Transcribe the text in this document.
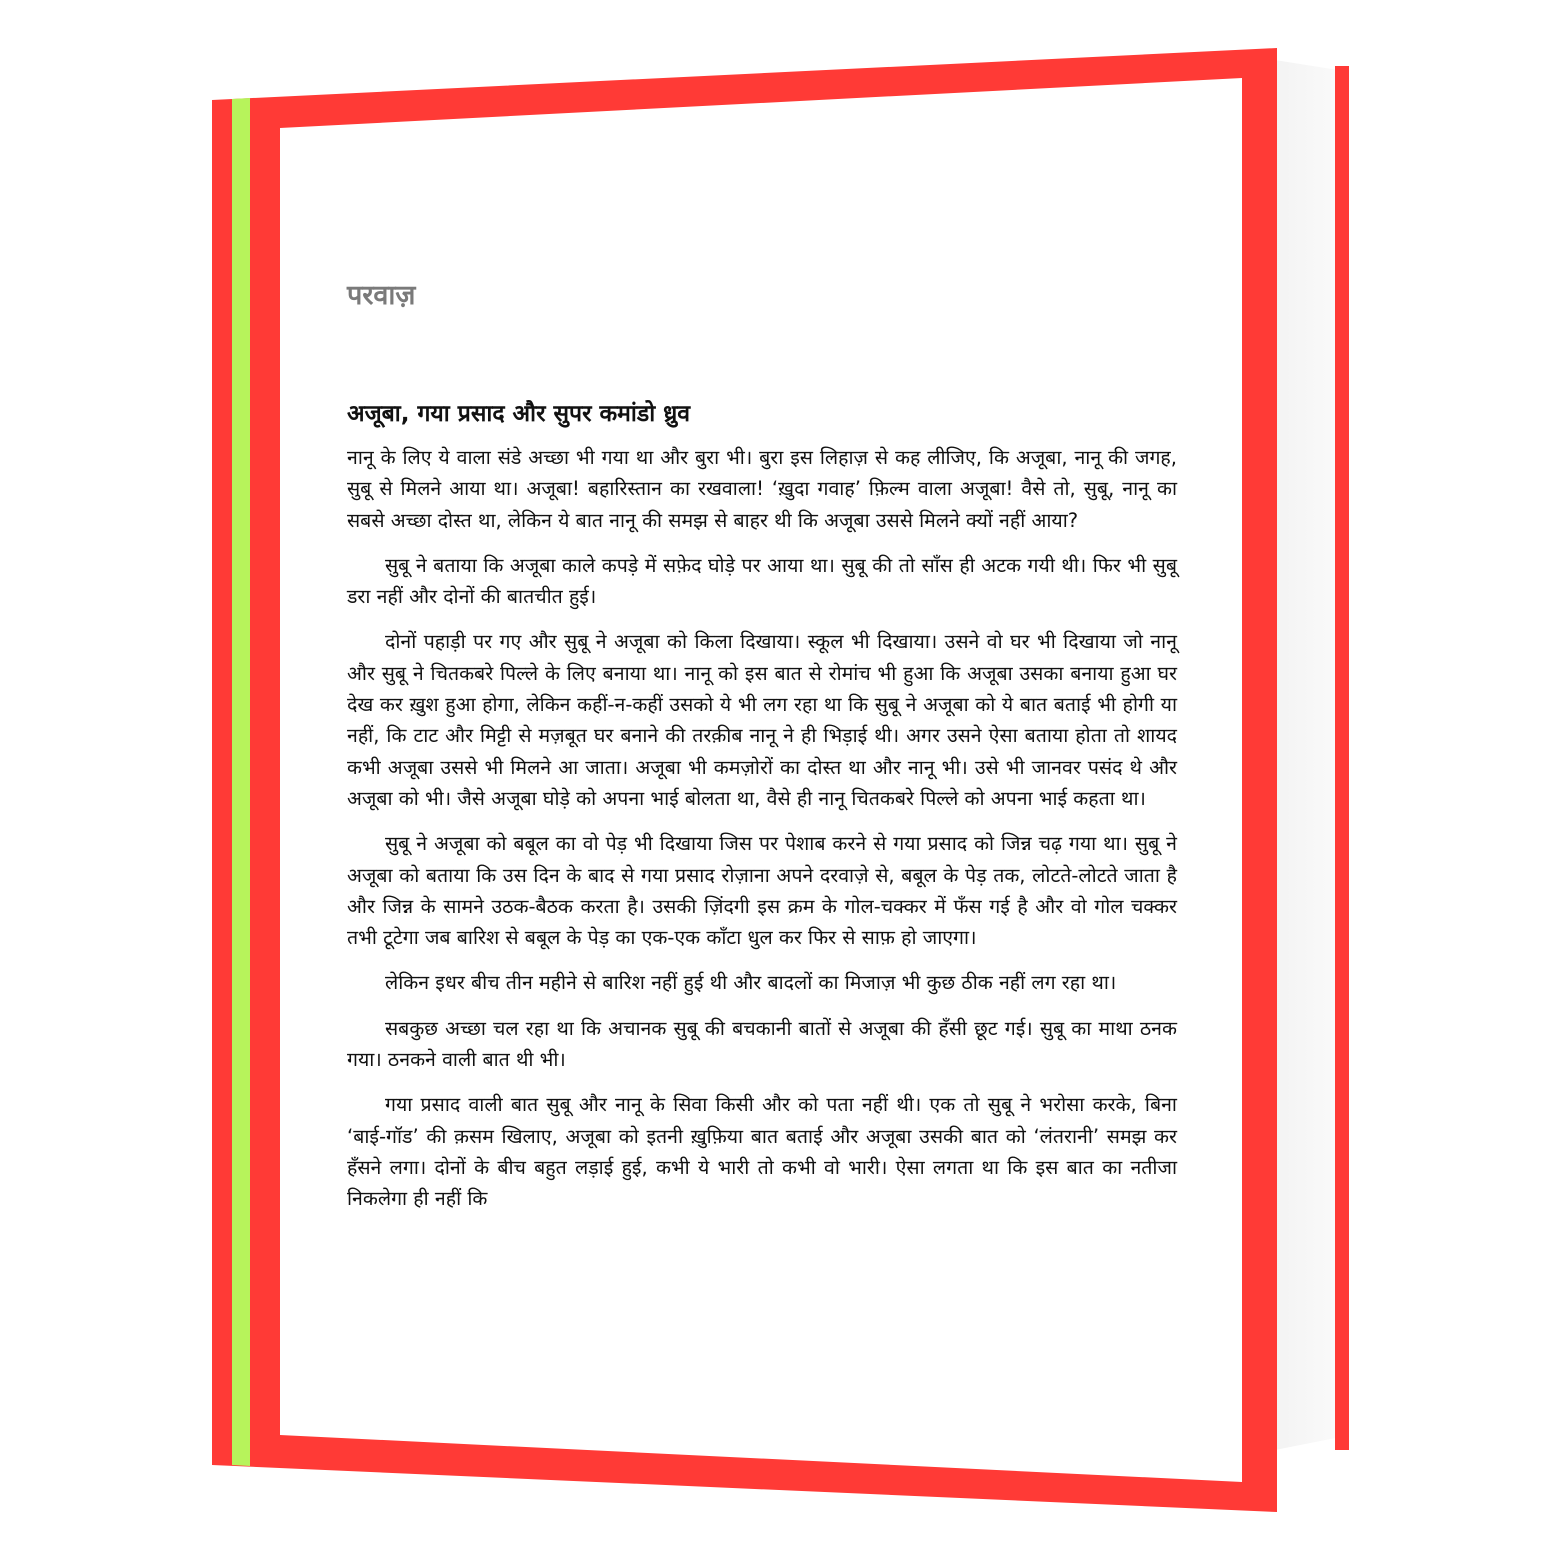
परवाज़
अजूबा, गया प्रसाद और सुपर कमांडो ध्रुव

नानू के लिए ये वाला संडे अच्छा भी गया था और बुरा भी। बुरा इस लिहाज़ से कह लीजिए, कि अजूबा, नानू की जगह, सुबू से मिलने आया था। अजूबा! बहारिस्तान का रखवाला! ‘ख़ुदा गवाह’ फ़िल्म वाला अजूबा! वैसे तो, सुबू, नानू का सबसे अच्छा दोस्त था, लेकिन ये बात नानू की समझ से बाहर थी कि अजूबा उससे मिलने क्यों नहीं आया?

सुबू ने बताया कि अजूबा काले कपड़े में सफ़ेद घोड़े पर आया था। सुबू की तो साँस ही अटक गयी थी। फिर भी सुबू डरा नहीं और दोनों की बातचीत हुई।

दोनों पहाड़ी पर गए और सुबू ने अजूबा को किला दिखाया। स्कूल भी दिखाया। उसने वो घर भी दिखाया जो नानू और सुबू ने चितकबरे पिल्ले के लिए बनाया था। नानू को इस बात से रोमांच भी हुआ कि अजूबा उसका बनाया हुआ घर देख कर ख़ुश हुआ होगा, लेकिन कहीं-न-कहीं उसको ये भी लग रहा था कि सुबू ने अजूबा को ये बात बताई भी होगी या नहीं, कि टाट और मिट्टी से मज़बूत घर बनाने की तरक़ीब नानू ने ही भिड़ाई थी। अगर उसने ऐसा बताया होता तो शायद कभी अजूबा उससे भी मिलने आ जाता। अजूबा भी कमज़ोरों का दोस्त था और नानू भी। उसे भी जानवर पसंद थे और अजूबा को भी। जैसे अजूबा घोड़े को अपना भाई बोलता था, वैसे ही नानू चितकबरे पिल्ले को अपना भाई कहता था।

सुबू ने अजूबा को बबूल का वो पेड़ भी दिखाया जिस पर पेशाब करने से गया प्रसाद को जिन्न चढ़ गया था। सुबू ने अजूबा को बताया कि उस दिन के बाद से गया प्रसाद रोज़ाना अपने दरवाज़े से, बबूल के पेड़ तक, लोटते-लोटते जाता है और जिन्न के सामने उठक-बैठक करता है। उसकी ज़िंदगी इस क्रम के गोल-चक्कर में फँस गई है और वो गोल चक्कर तभी टूटेगा जब बारिश से बबूल के पेड़ का एक-एक काँटा धुल कर फिर से साफ़ हो जाएगा।

लेकिन इधर बीच तीन महीने से बारिश नहीं हुई थी और बादलों का मिजाज़ भी कुछ ठीक नहीं लग रहा था।

सबकुछ अच्छा चल रहा था कि अचानक सुबू की बचकानी बातों से अजूबा की हँसी छूट गई। सुबू का माथा ठनक गया। ठनकने वाली बात थी भी।

गया प्रसाद वाली बात सुबू और नानू के सिवा किसी और को पता नहीं थी। एक तो सुबू ने भरोसा करके, बिना ‘बाई-गॉड’ की क़सम खिलाए, अजूबा को इतनी ख़ुफ़िया बात बताई और अजूबा उसकी बात को ‘लंतरानी’ समझ कर हँसने लगा। दोनों के बीच बहुत लड़ाई हुई, कभी ये भारी तो कभी वो भारी। ऐसा लगता था कि इस बात का नतीजा निकलेगा ही नहीं कि
